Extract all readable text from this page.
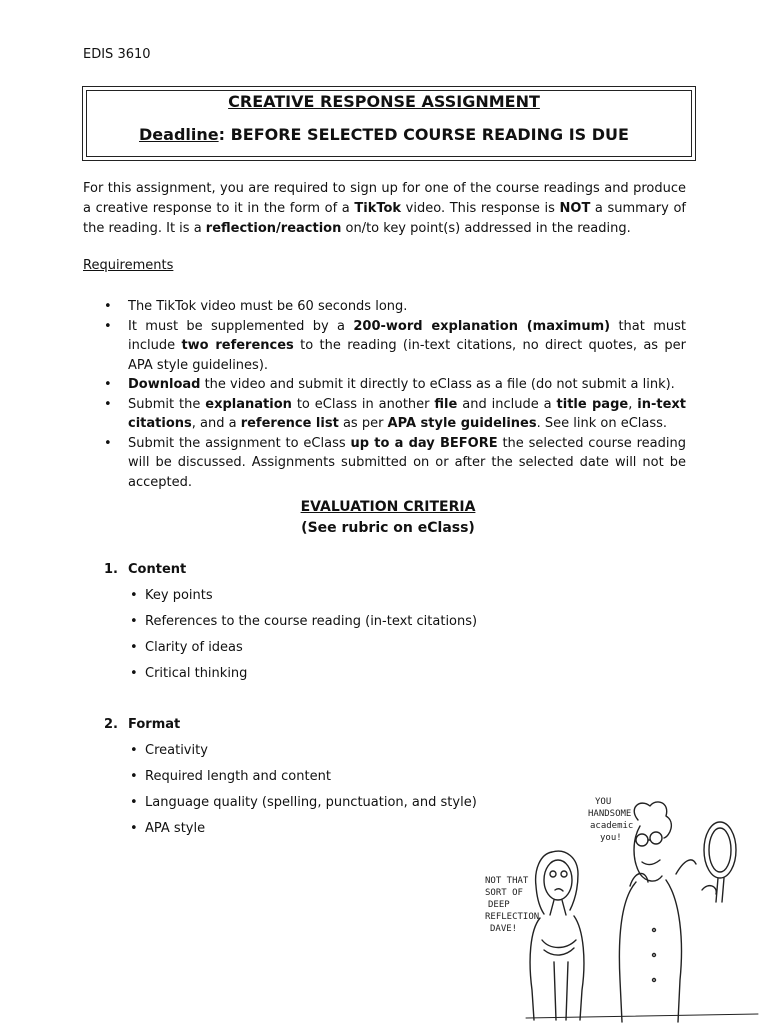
EDIS 3610
CREATIVE RESPONSE ASSIGNMENT
Deadline: BEFORE SELECTED COURSE READING IS DUE

For this assignment, you are required to sign up for one of the course readings and produce a creative response to it in the form of a TikTok video. This response is NOT a summary of the reading. It is a reflection/reaction on/to key point(s) addressed in the reading.

Requirements
• The TikTok video must be 60 seconds long.
• It must be supplemented by a 200-word explanation (maximum) that must include two references to the reading (in-text citations, no direct quotes, as per APA style guidelines).
• Download the video and submit it directly to eClass as a file (do not submit a link).
• Submit the explanation to eClass in another file and include a title page, in-text citations, and a reference list as per APA style guidelines. See link on eClass.
• Submit the assignment to eClass up to a day BEFORE the selected course reading will be discussed. Assignments submitted on or after the selected date will not be accepted.
EVALUATION CRITERIA
(See rubric on eClass)
1. Content
• Key points
• References to the course reading (in-text citations)
• Clarity of ideas
• Critical thinking
2. Format
• Creativity
• Required length and content
• Language quality (spelling, punctuation, and style)
• APA style
YOU
HANDSOME
academic
you!
NOT THAT
SORT OF
DEEP
REFLECTION
DAVE!
